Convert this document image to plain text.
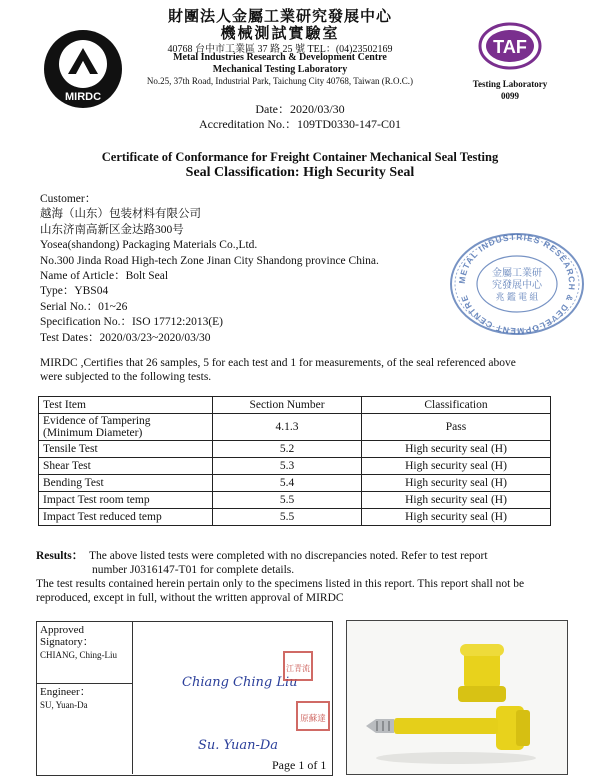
MIRDC
財團法人金屬工業研究發展中心
機械測試實驗室
40768 台中市工業區 37 路 25 號 TEL：(04)23502169
Metal Industries Research & Development Centre
Mechanical Testing Laboratory
No.25, 37th Road, Industrial Park, Taichung City 40768, Taiwan (R.O.C.)
TAF
Testing Laboratory
0099
Date：2020/03/30
Accreditation No.：109TD0330-147-C01
Certificate of Conformance for Freight Container Mechanical Seal Testing
Seal Classification: High Security Seal
Customer：
越海（山东）包装材料有限公司
山东济南高新区金达路300号
Yosea(shandong) Packaging Materials Co.,Ltd.
No.300 Jinda Road High-tech Zone Jinan City Shandong province China.
Name of Article：Bolt Seal
Type：YBS04
Serial No.：01~26
Specification No.：ISO 17712:2013(E)
Test Dates：2020/03/23~2020/03/30
METAL INDUSTRIES RESEARCH & DEVELOPMENT CENTRE
金屬工業研
究發展中心
兆 鑑 電 組
MIRDC ,Certifies that 26 samples, 5 for each test and 1 for measurements, of the seal referenced above were subjected to the following tests.
Test Item	Section Number	Classification

Evidence of Tampering
(Minimum Diameter)	4.1.3	Pass
Tensile Test	5.2	High security seal (H)
Shear Test	5.3	High security seal (H)
Bending Test	5.4	High security seal (H)
Impact Test room temp	5.5	High security seal (H)
Impact Test reduced temp	5.5	High security seal (H)
Results： The above listed tests were completed with no discrepancies noted. Refer to test report
number J0316147-T01 for complete details.
The test results contained herein pertain only to the specimens listed in this report. This report shall not be
reproduced, except in full, without the written approval of MIRDC
Approved
Signatory：
CHIANG, Ching-Liu
Engineer：
SU, Yuan-Da
Chiang Ching Liu
Su. Yuan-Da
江青流
原蘇達
Page 1 of 1
